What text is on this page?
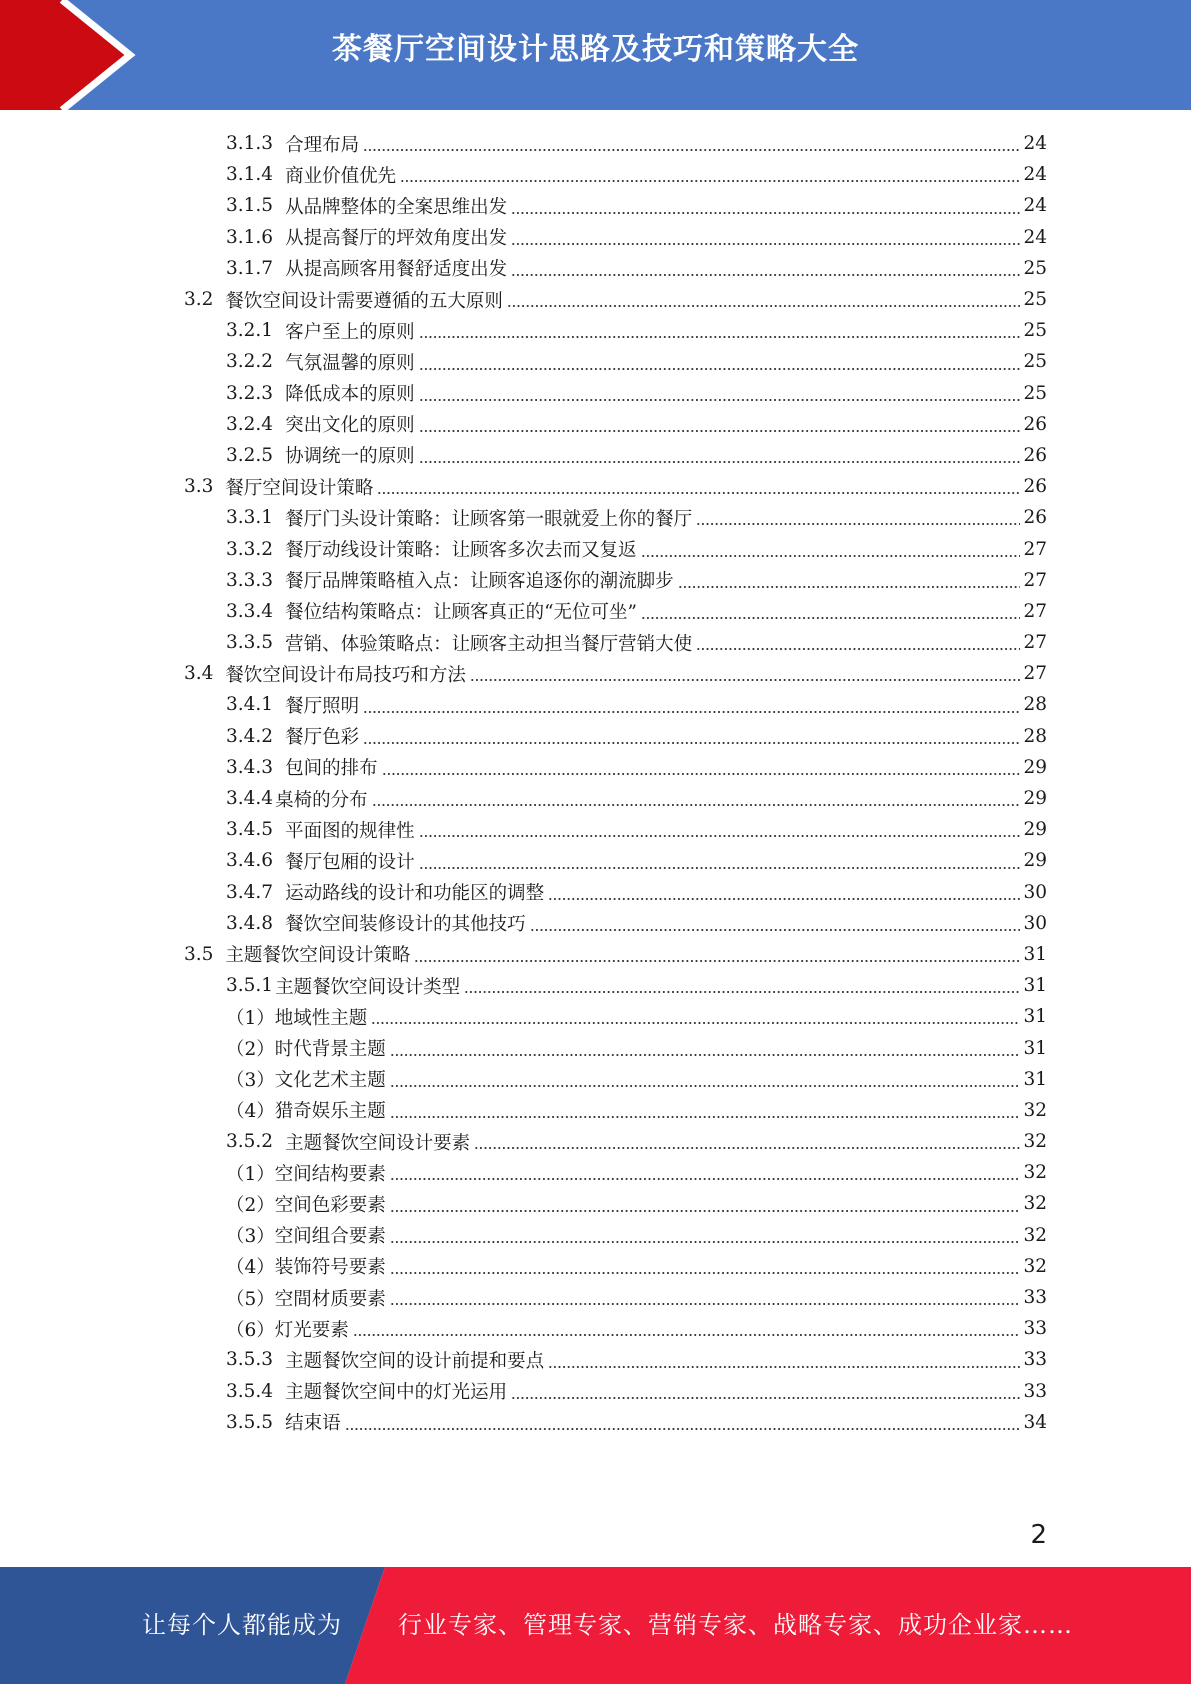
茶餐厅空间设计思路及技巧和策略大全
3.1.3 合理布局	24
3.1.4 商业价值优先	24
3.1.5 从品牌整体的全案思维出发	24
3.1.6 从提高餐厅的坪效角度出发	24
3.1.7 从提高顾客用餐舒适度出发	25
3.2 餐饮空间设计需要遵循的五大原则	25
3.2.1 客户至上的原则	25
3.2.2 气氛温馨的原则	25
3.2.3 降低成本的原则	25
3.2.4 突出文化的原则	26
3.2.5 协调统一的原则	26
3.3 餐厅空间设计策略	26
3.3.1 餐厅门头设计策略：让顾客第一眼就爱上你的餐厅	26
3.3.2 餐厅动线设计策略：让顾客多次去而又复返	27
3.3.3 餐厅品牌策略植入点：让顾客追逐你的潮流脚步	27
3.3.4 餐位结构策略点：让顾客真正的“无位可坐”	27
3.3.5 营销、体验策略点：让顾客主动担当餐厅营销大使	27
3.4 餐饮空间设计布局技巧和方法	27
3.4.1 餐厅照明	28
3.4.2 餐厅色彩	28
3.4.3 包间的排布	29
3.4.4 桌椅的分布	29
3.4.5 平面图的规律性	29
3.4.6 餐厅包厢的设计	29
3.4.7 运动路线的设计和功能区的调整	30
3.4.8 餐饮空间装修设计的其他技巧	30
3.5 主题餐饮空间设计策略	31
3.5.1 主题餐饮空间设计类型	31
（1） 地域性主题	31
（2） 时代背景主题	31
（3） 文化艺术主题	31
（4） 猎奇娱乐主题	32
3.5.2 主题餐饮空间设计要素	32
（1） 空间结构要素	32
（2） 空间色彩要素	32
（3） 空间组合要素	32
（4） 装饰符号要素	32
（5） 空間材质要素	33
（6） 灯光要素	33
3.5.3 主题餐饮空间的设计前提和要点	33
3.5.4 主题餐饮空间中的灯光运用	33
3.5.5 结束语	34
2
让每个人都能成为 行业专家、管理专家、营销专家、战略专家、成功企业家……
